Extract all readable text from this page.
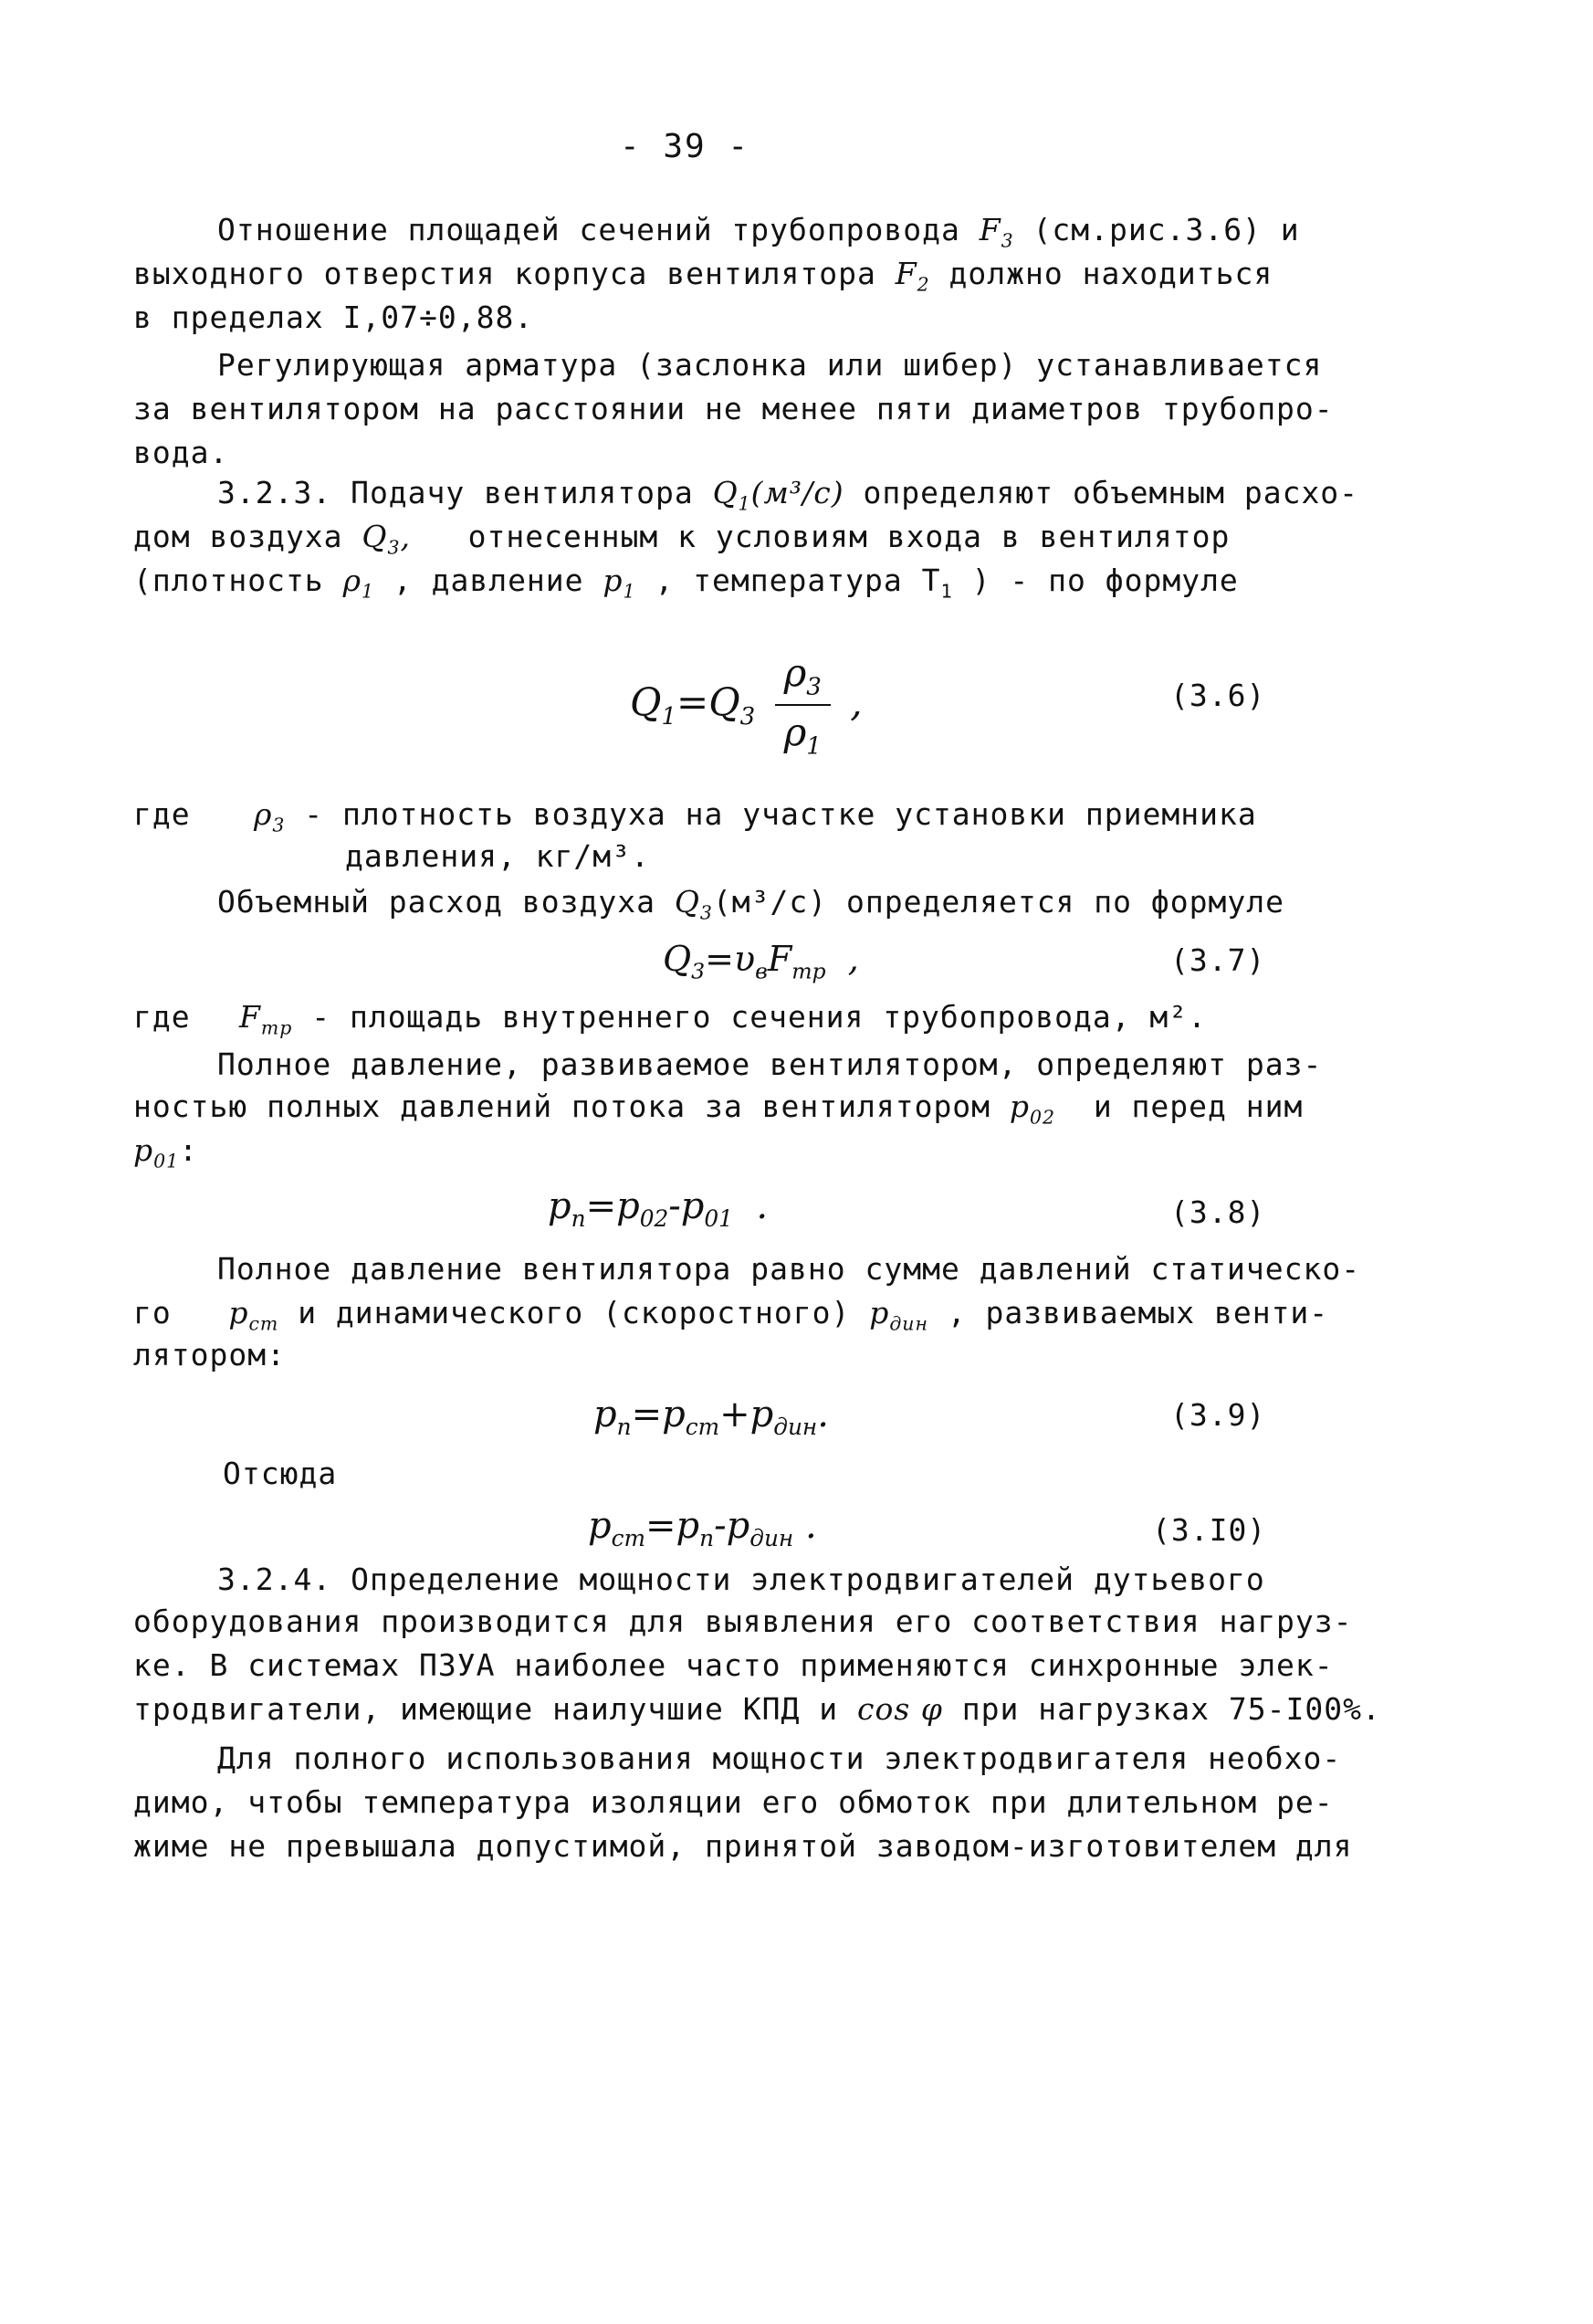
- 39 -
Отношение площадей сечений трубопровода $F_3$ (см.рис.3.6) и
выходного отверстия корпуса вентилятора $F_2$ должно находиться
в пределах I,07÷0,88.
Регулирующая арматура (заслонка или шибер) устанавливается
за вентилятором на расстоянии не менее пяти диаметров трубопро-
вода.
3.2.3. Подачу вентилятора $Q_1(м^3/с)$ определяют объемным расхо-
дом воздуха $Q_3$, отнесенным к условиям входа в вентилятор
(плотность $\rho_1$ , давление $p_1$ , температура $T_1$ ) - по формуле
$Q_1=Q_3 \frac{\rho_3}{\rho_1}$ ,	(3.6)
где $\rho_3$ - плотность воздуха на участке установки приемника
давления, кг/м³.
Объемный расход воздуха $Q_3(м^3/с)$ определяется по формуле
$Q_3=\upsilon_вF_{тр}$ ,	(3.7)
где $F_{тр}$ - площадь внутреннего сечения трубопровода, м².
Полное давление, развиваемое вентилятором, определяют раз-
ностью полных давлений потока за вентилятором $p_{02}$ и перед ним
$p_{01}$:
$p_п=p_{02}-p_{01}$ .	(3.8)
Полное давление вентилятора равно сумме давлений статическо-
го $p_{ст}$ и динамического (скоростного) $p_{дин}$ , развиваемых венти-
лятором:
$p_п=p_{ст}+p_{дин}$.	(3.9)
Отсюда
$p_{ст}=p_п-p_{дин}$ .	(3.I0)
3.2.4. Определение мощности электродвигателей дутьевого
оборудования производится для выявления его соответствия нагруз-
ке. В системах ПЗУА наиболее часто применяются синхронные элек-
тродвигатели, имеющие наилучшие КПД и cos φ при нагрузках 75-I00%.
Для полного использования мощности электродвигателя необхо-
димо, чтобы температура изоляции его обмоток при длительном ре-
жиме не превышала допустимой, принятой заводом-изготовителем для
